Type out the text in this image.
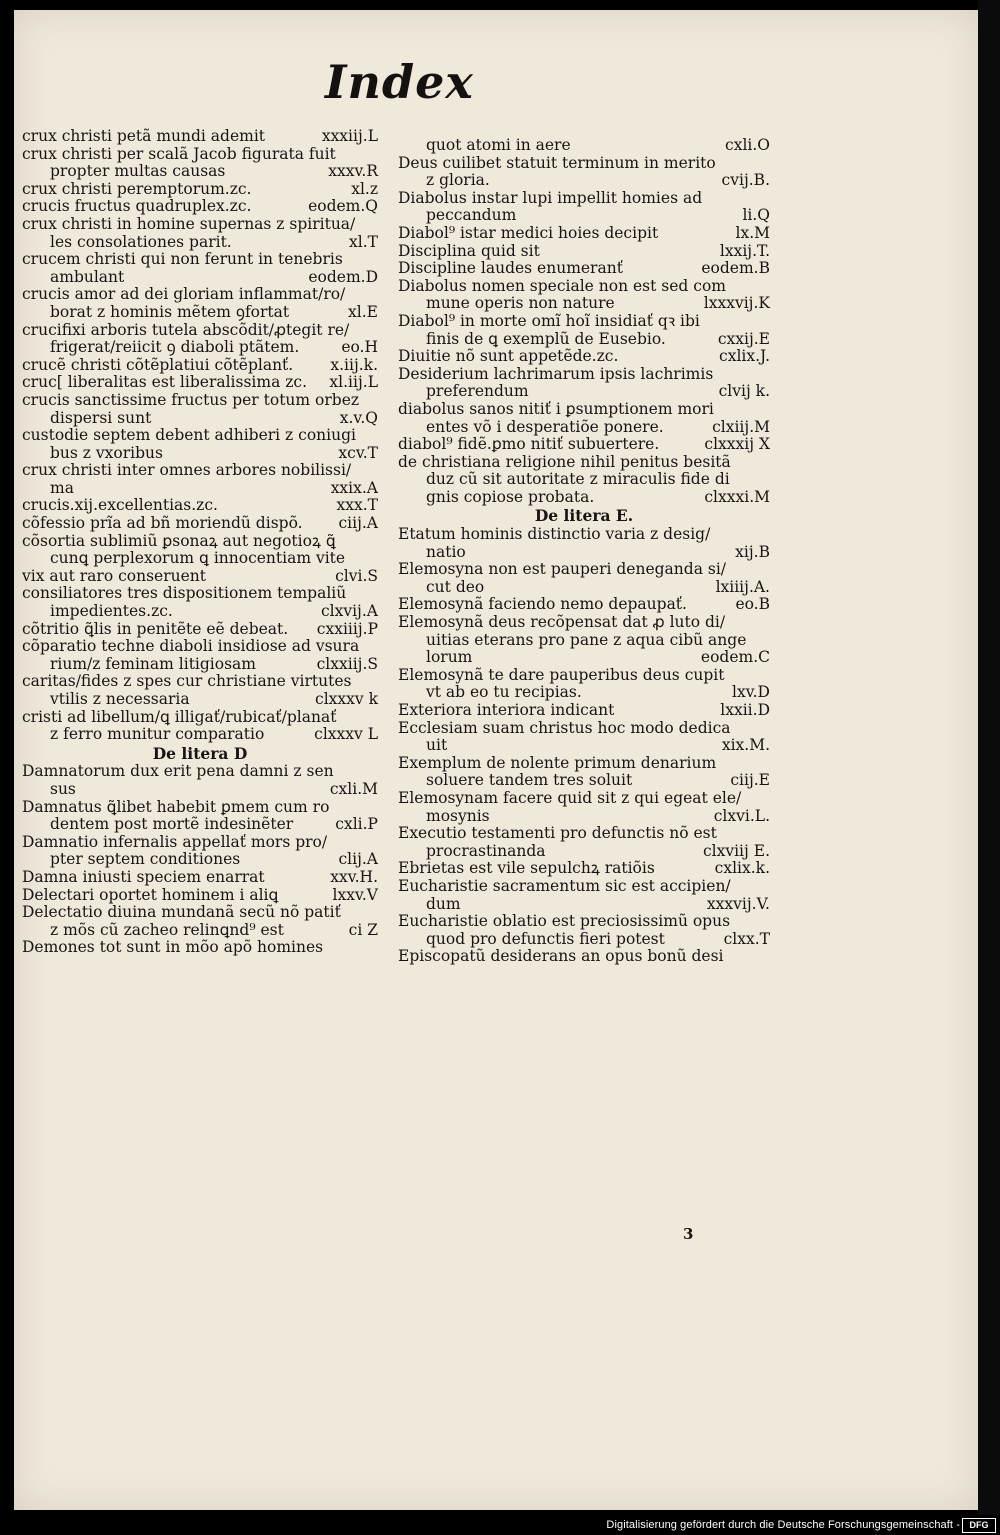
Index
crux christi petã mundi ademit	xxxiij.L
crux christi per scalã Jacob figurata fuit
propter multas causas	xxxv.R
crux christi peremptorum.zc.	xl.z
crucis fructus quadruplex.zc.	eodem.Q
crux christi in homine supernas z spiritua/
les consolationes parit.	xl.T
crucem christi qui non ferunt in tenebris
ambulant	eodem.D
crucis amor ad dei gloriam inflammat/ro/
borat z hominis mẽtem ꝯfortat	xl.E
crucifixi arboris tutela abscõdit/ꝓtegit re/
frigerat/reiicit ꝯ diaboli ptãtem.	eo.H
crucẽ christi cõtẽplatiui cõtẽplanť.	x.iij.k.
cruc[ liberalitas est liberalissima zc.	xl.iij.L
crucis sanctissime fructus per totum orbez
dispersi sunt	x.v.Q
custodie septem debent adhiberi z coniugi
bus z vxoribus	xcv.T
crux christi inter omnes arbores nobilissi/
ma	xxix.A
crucis.xij.excellentias.zc.	xxx.T
cõfessio prĩa ad bñ moriendũ dispõ.	ciij.A
cõsortia sublimiũ ꝑsonaꝝ aut negotioꝝ ꝗ̃
cunꝗ perplexorum ꝗ innocentiam vite
vix aut raro conseruent	clvi.S
consiliatores tres dispositionem tempaliũ
impedientes.zc.	clxvij.A
cõtritio ꝗ̃lis in penitẽte eẽ debeat.	cxxiiij.P
cõparatio techne diaboli insidiose ad vsura
rium/z feminam litigiosam	clxxiij.S
caritas/fides z spes cur christiane virtutes
vtilis z necessaria	clxxxv k
cristi ad libellum/ꝗ illigať/rubicať/planať
z ferro munitur comparatio	clxxxv L
De litera D
Damnatorum dux erit pena damni z sen
sus	cxli.M
Damnatus ꝗ̃libet habebit ꝑmem cum ro
dentem post mortẽ indesinẽter	cxli.P
Damnatio infernalis appellať mors pro/
pter septem conditiones	clij.A
Damna iniusti speciem enarrat	xxv.H.
Delectari oportet hominem i aliꝗ	lxxv.V
Delectatio diuina mundanã secũ nõ patiť
z mõs cũ zacheo relinꝗnd⁹ est	ci Z
Demones tot sunt in mõo apõ homines
quot atomi in aere	cxli.O
Deus cuilibet statuit terminum in merito
z gloria.	cvij.B.
Diabolus instar lupi impellit homies ad
peccandum	li.Q
Diabol⁹ istar medici hoies decipit	lx.M
Disciplina quid sit	lxxij.T.
Discipline laudes enumeranť	eodem.B
Diabolus nomen speciale non est sed com
mune operis non nature	lxxxvij.K
Diabol⁹ in morte omĩ hoĩ insidiať qꝛ ibi
finis de ꝗ exemplũ de Eusebio.	cxxij.E
Diuitie nõ sunt appetẽde.zc.	cxlix.J.
Desiderium lachrimarum ipsis lachrimis
preferendum	clvij k.
diabolus sanos nitiť i ꝑsumptionem mori
entes võ i desperatiõe ponere.	clxiij.M
diabol⁹ fidẽ.ꝑmo nitiť subuertere.	clxxxij X
de christiana religione nihil penitus besitã
duz cũ sit autoritate z miraculis fide di
gnis copiose probata.	clxxxi.M
De litera E.
Etatum hominis distinctio varia z desig/
natio	xij.B
Elemosyna non est pauperi deneganda si/
cut deo	lxiiij.A.
Elemosynã faciendo nemo depaupať.	eo.B
Elemosynã deus recõpensat dat ꝓ luto di/
uitias eterans pro pane z aqua cibũ ange
lorum	eodem.C
Elemosynã te dare pauperibus deus cupit
vt ab eo tu recipias.	lxv.D
Exteriora interiora indicant	lxxii.D
Ecclesiam suam christus hoc modo dedica
uit	xix.M.
Exemplum de nolente primum denarium
soluere tandem tres soluit	ciij.E
Elemosynam facere quid sit z qui egeat ele/
mosynis	clxvi.L.
Executio testamenti pro defunctis nõ est
procrastinanda	clxviij E.
Ebrietas est vile sepulchꝝ ratiõis	cxlix.k.
Eucharistie sacramentum sic est accipien/
dum	xxxvij.V.
Eucharistie oblatio est preciosissimũ opus
quod pro defunctis fieri potest	clxx.T
Episcopatũ desiderans an opus bonũ desi
3
Digitalisierung gefördert durch die Deutsche Forschungsgemeinschaft -	DFG
